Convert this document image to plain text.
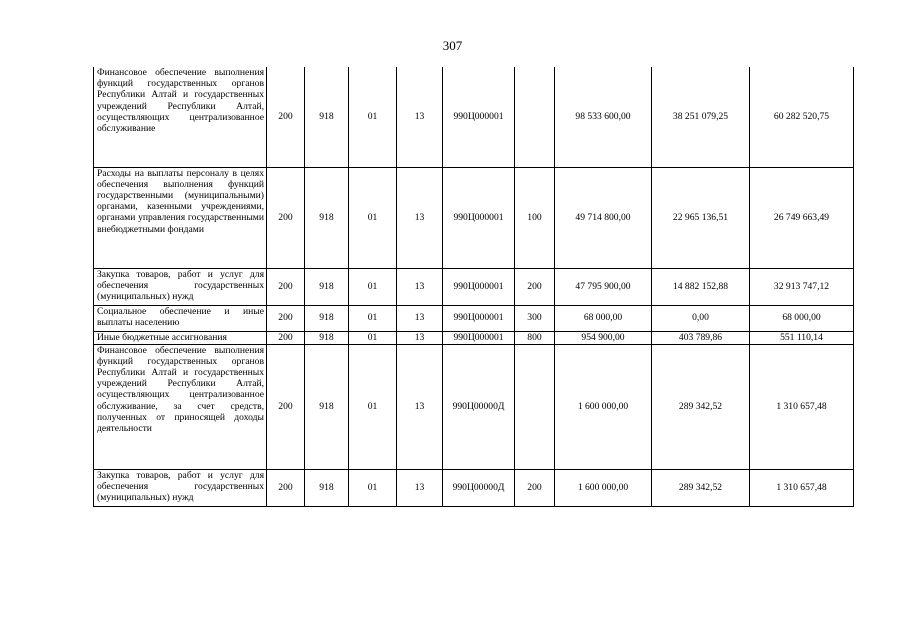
307
Финансовое обеспечение выполнения функций государственных органов Республики Алтай и государственных учреждений Республики Алтай, осуществляющих централизованное обслуживание	200	918	01	13	990Ц000001		98 533 600,00	38 251 079,25	60 282 520,75
Расходы на выплаты персоналу в целях обеспечения выполнения функций государственными (муниципальными) органами, казенными учреждениями, органами управления государственными внебюджетными фондами	200	918	01	13	990Ц000001	100	49 714 800,00	22 965 136,51	26 749 663,49
Закупка товаров, работ и услуг для обеспечения государственных (муниципальных) нужд	200	918	01	13	990Ц000001	200	47 795 900,00	14 882 152,88	32 913 747,12
Социальное обеспечение и иные выплаты населению	200	918	01	13	990Ц000001	300	68 000,00	0,00	68 000,00
Иные бюджетные ассигнования	200	918	01	13	990Ц000001	800	954 900,00	403 789,86	551 110,14
Финансовое обеспечение выполнения функций государственных органов Республики Алтай и государственных учреждений Республики Алтай, осуществляющих централизованное обслуживание, за счет средств, полученных от приносящей доходы деятельности	200	918	01	13	990Ц00000Д		1 600 000,00	289 342,52	1 310 657,48
Закупка товаров, работ и услуг для обеспечения государственных (муниципальных) нужд	200	918	01	13	990Ц00000Д	200	1 600 000,00	289 342,52	1 310 657,48
